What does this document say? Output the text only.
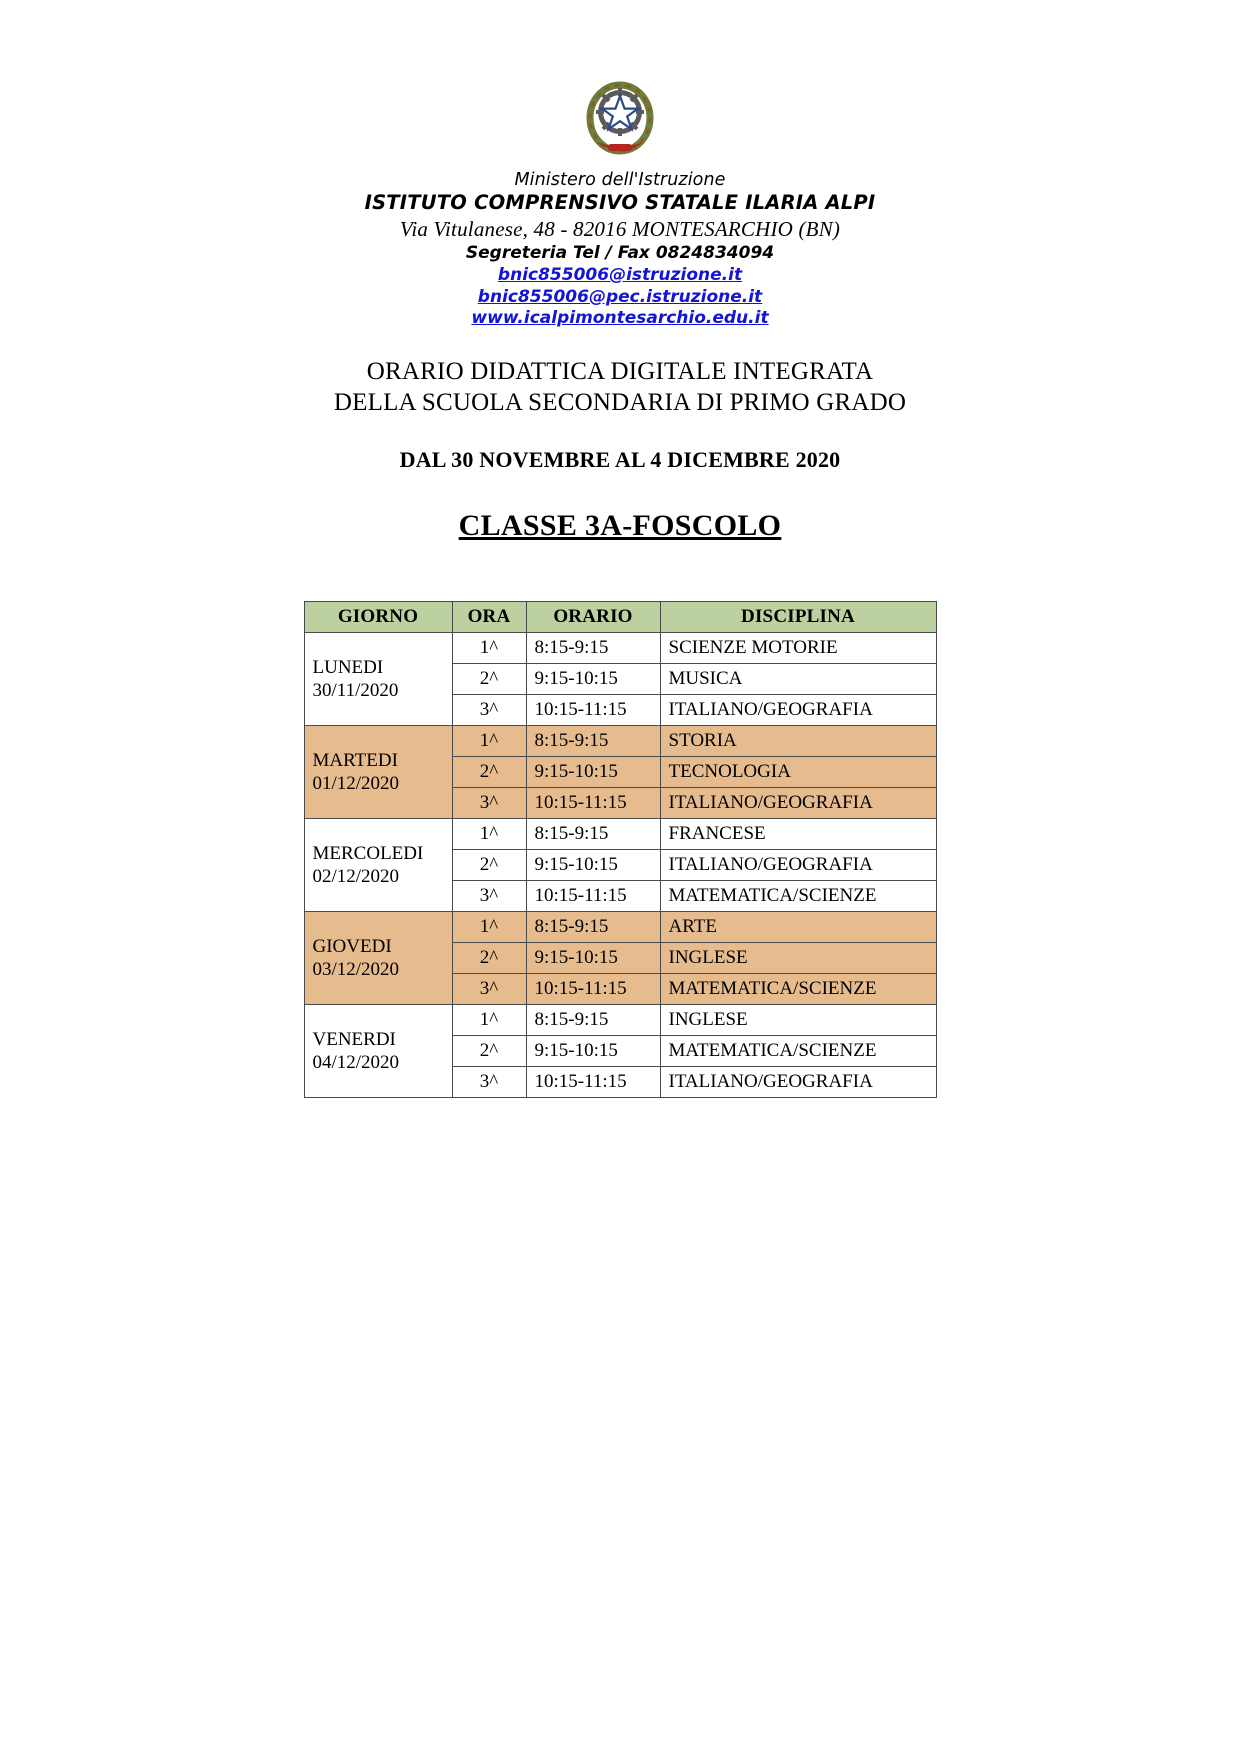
Ministero dell'Istruzione
ISTITUTO COMPRENSIVO STATALE ILARIA ALPI
Via Vitulanese, 48 - 82016 MONTESARCHIO (BN)
Segreteria Tel / Fax 0824834094
bnic855006@istruzione.it
bnic855006@pec.istruzione.it
www.icalpimontesarchio.edu.it
ORARIO DIDATTICA DIGITALE INTEGRATA
DELLA SCUOLA SECONDARIA DI PRIMO GRADO
DAL 30 NOVEMBRE AL 4 DICEMBRE 2020
CLASSE 3A-FOSCOLO
GIORNO	ORA	ORARIO	DISCIPLINA

LUNEDI
30/11/2020	1^	8:15-9:15	SCIENZE MOTORIE
	2^	9:15-10:15	MUSICA
	3^	10:15-11:15	ITALIANO/GEOGRAFIA

MARTEDI
01/12/2020	1^	8:15-9:15	STORIA
	2^	9:15-10:15	TECNOLOGIA
	3^	10:15-11:15	ITALIANO/GEOGRAFIA

MERCOLEDI
02/12/2020	1^	8:15-9:15	FRANCESE
	2^	9:15-10:15	ITALIANO/GEOGRAFIA
	3^	10:15-11:15	MATEMATICA/SCIENZE

GIOVEDI
03/12/2020	1^	8:15-9:15	ARTE
	2^	9:15-10:15	INGLESE
	3^	10:15-11:15	MATEMATICA/SCIENZE

VENERDI
04/12/2020	1^	8:15-9:15	INGLESE
	2^	9:15-10:15	MATEMATICA/SCIENZE
	3^	10:15-11:15	ITALIANO/GEOGRAFIA
